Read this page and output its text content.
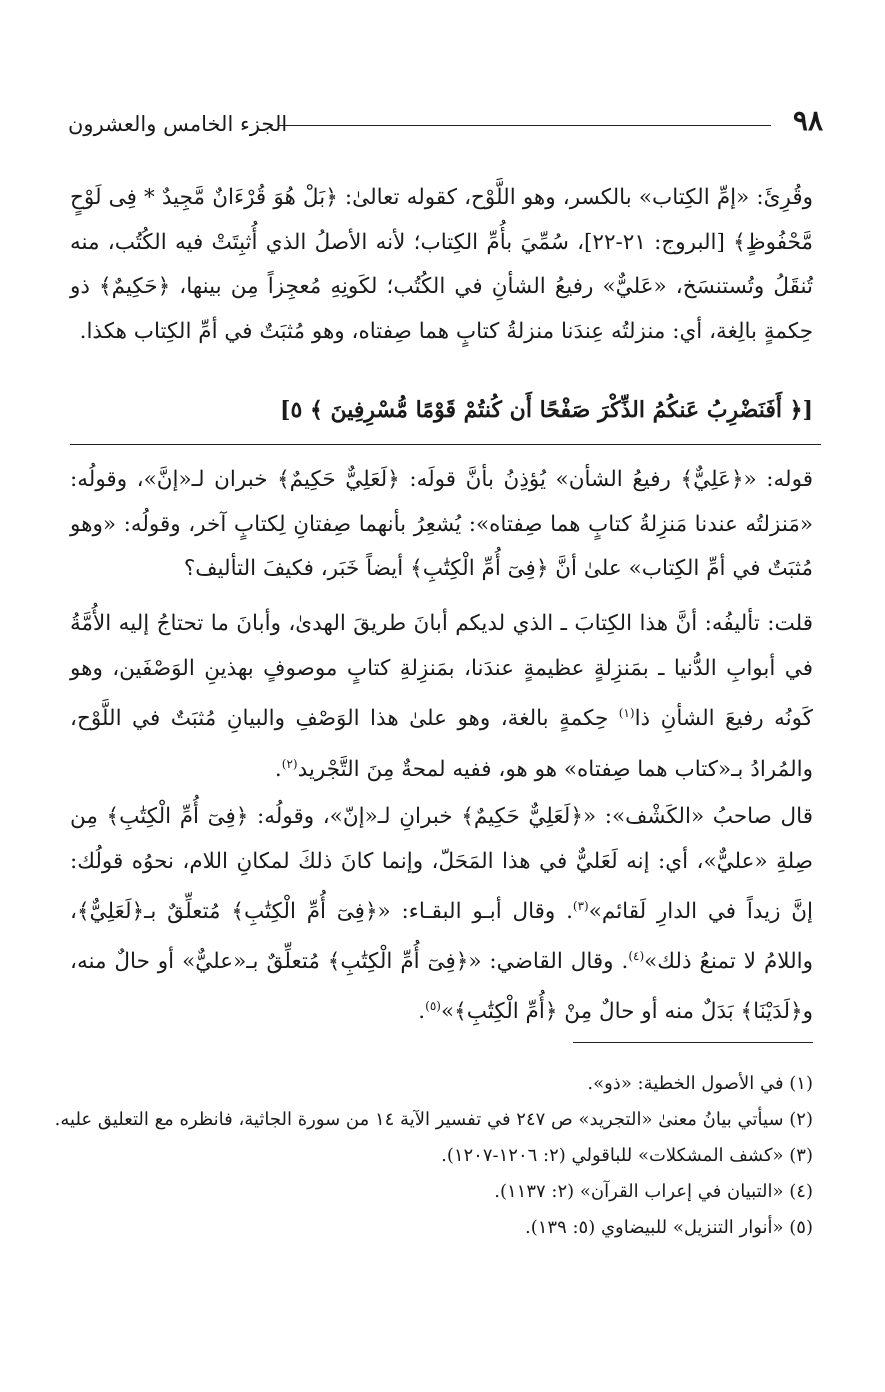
٩٨
الجزء الخامس والعشرون

وقُرِئَ: «إمِّ الكِتاب» بالكسر، وهو اللَّوْح، كقوله تعالىٰ: ﴿بَلْ هُوَ قُرْءَانٌ مَّجِيدٌ * فِى لَوْحٍ مَّحْفُوظٍ﴾ [البروج: ٢١-٢٢]، سُمِّيَ بأُمِّ الكِتاب؛ لأنه الأصلُ الذي أُثبِتَتْ فيه الكُتُب، منه تُنقَلُ وتُستنسَخ، «عَليٌّ» رفيعُ الشأنِ في الكُتُب؛ لكَونِهِ مُعجِزاً مِن بينها، ﴿حَكِيمٌ﴾ ذو حِكمةٍ بالِغة، أي: منزلتُه عِندَنا منزلةُ كتابٍ هما صِفتاه، وهو مُثبَتٌ في أمِّ الكِتاب هكذا.

[﴿ أَفَنَضْرِبُ عَنكُمُ الذِّكْرَ صَفْحًا أَن كُنتُمْ قَوْمًا مُّسْرِفِينَ ﴾ ٥]

قوله: «﴿عَلِيٌّ﴾ رفيعُ الشأن» يُؤذِنُ بأنَّ قولَه: ﴿لَعَلِيٌّ حَكِيمٌ﴾ خبران لـ«إنَّ»، وقولُه: «مَنزلتُه عندنا مَنزِلةُ كتابٍ هما صِفتاه»: يُشعِرُ بأنهما صِفتانِ لِكتابٍ آخر، وقولُه: «وهو مُثبَتٌ في أمِّ الكِتاب» علىٰ أنَّ ﴿فِىٓ أُمِّ الْكِتَٰبِ﴾ أيضاً خَبَر، فكيفَ التأليف؟

قلت: تأليفُه: أنَّ هذا الكِتابَ ـ الذي لديكم أبانَ طريقَ الهدىٰ، وأبانَ ما تحتاجُ إليه الأُمَّةُ في أبوابِ الدُّنيا ـ بمَنزِلةٍ عظيمةٍ عندَنا، بمَنزِلةِ كتابٍ موصوفٍ بهذينِ الوَصْفَين، وهو كَونُه رفيعَ الشأنِ ذا$^{(١)}$ حِكمةٍ بالغة، وهو علىٰ هذا الوَصْفِ والبيانِ مُثبَتٌ في اللَّوْح، والمُرادُ بـ«كتاب هما صِفتاه» هو هو، ففيه لمحةٌ مِنَ التَّجْريد$^{(٢)}$.

قال صاحبُ «الكَشْف»: «﴿لَعَلِيٌّ حَكِيمٌ﴾ خبرانِ لـ«إنّ»، وقولُه: ﴿فِىٓ أُمِّ الْكِتَٰبِ﴾ مِن صِلةِ «عليٌّ»، أي: إنه لَعَليٌّ في هذا المَحَلّ، وإنما كانَ ذلكَ لمكانِ اللام، نحوُه قولُك: إنَّ زيداً في الدارِ لَقائم»$^{(٣)}$. وقال أبـو البقـاء: «﴿فِىٓ أُمِّ الْكِتَٰبِ﴾ مُتعلِّقٌ بـ﴿لَعَلِيٌّ﴾، واللامُ لا تمنعُ ذلك»$^{(٤)}$. وقال القاضي: «﴿فِىٓ أُمِّ الْكِتَٰبِ﴾ مُتعلِّقٌ بـ«عليٌّ» أو حالٌ منه، و﴿لَدَيْنَا﴾ بَدَلٌ منه أو حالٌ مِنْ ﴿أُمِّ الْكِتَٰبِ﴾»$^{(٥)}$.

(١) في الأصول الخطية: «ذو».

(٢) سيأتي بيانُ معنىٰ «التجريد» ص ٢٤٧ في تفسير الآية ١٤ من سورة الجاثية، فانظره مع التعليق عليه.

(٣) «كشف المشكلات» للباقولي (٢: ١٢٠٦-١٢٠٧).

(٤) «التبيان في إعراب القرآن» (٢: ١١٣٧).

(٥) «أنوار التنزيل» للبيضاوي (٥: ١٣٩).
